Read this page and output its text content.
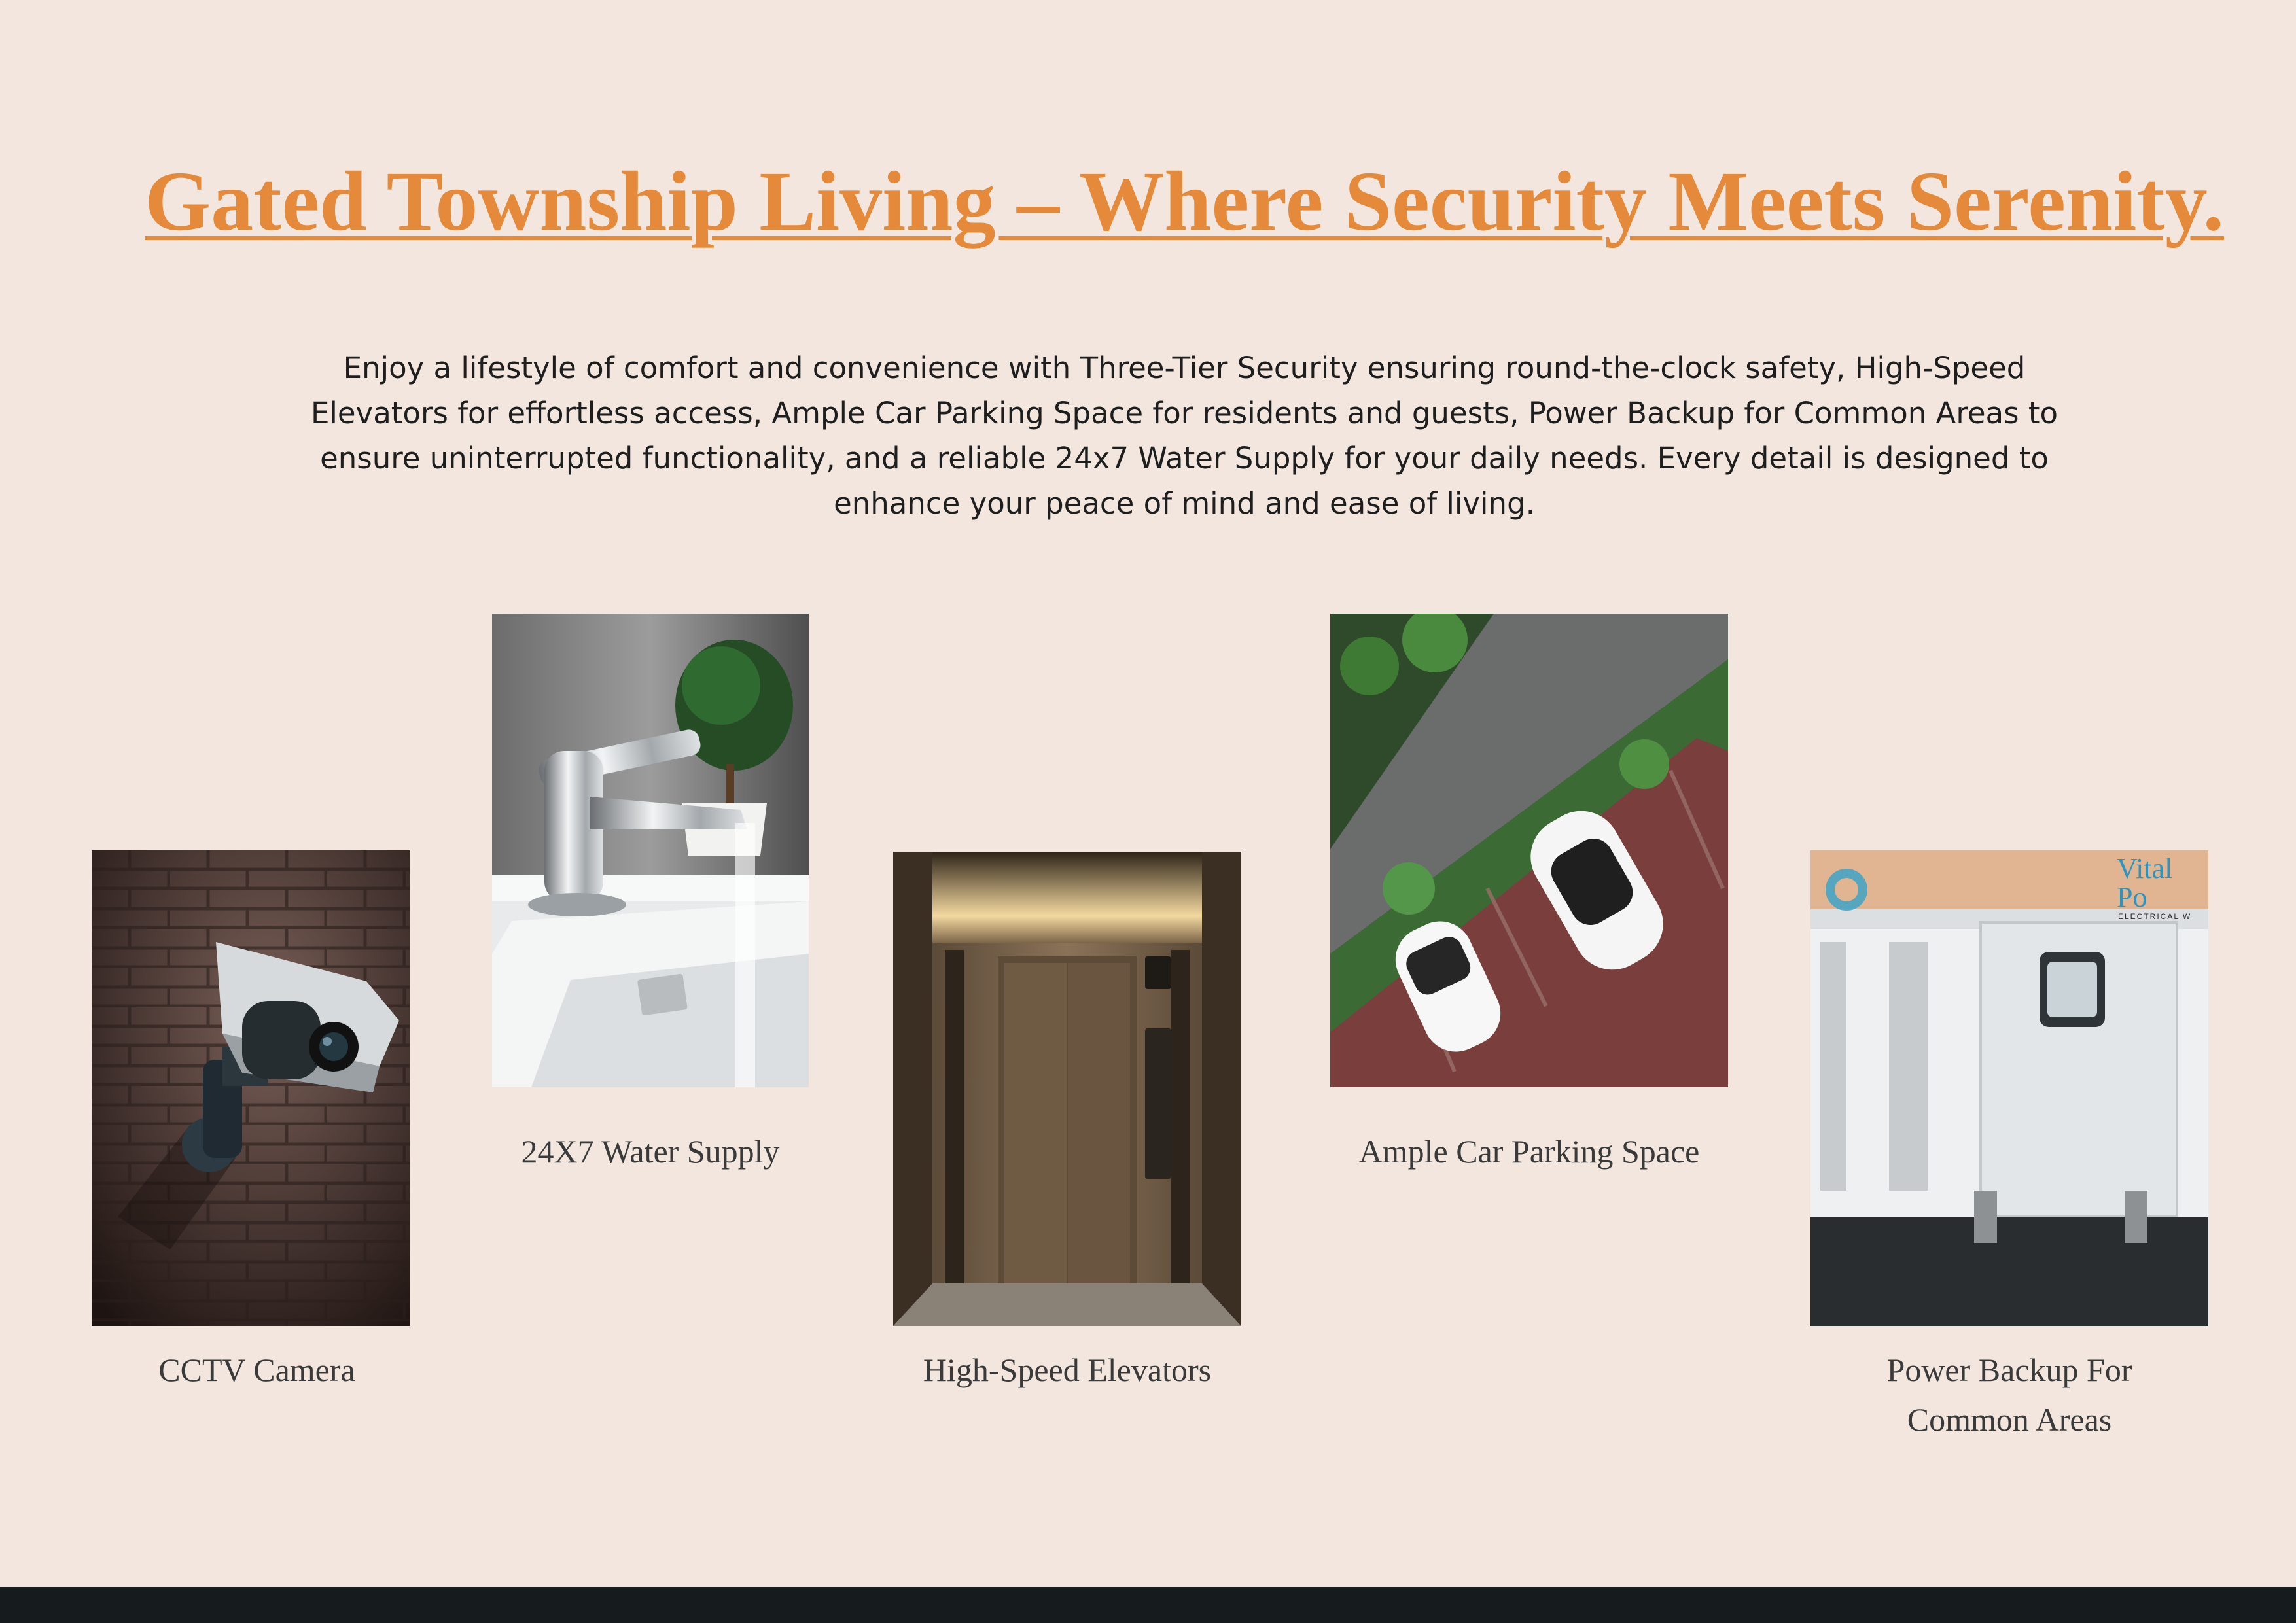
Gated Township Living – Where Security Meets Serenity.

Enjoy a lifestyle of comfort and convenience with Three-Tier Security ensuring round-the-clock safety, High-Speed Elevators for effortless access, Ample Car Parking Space for residents and guests, Power Backup for Common Areas to ensure uninterrupted functionality, and a reliable 24x7 Water Supply for your daily needs. Every detail is designed to enhance your peace of mind and ease of living.

CCTV Camera

24X7 Water Supply

High-Speed Elevators

Ample Car Parking Space

Vital Po
ELECTRICAL W

Power Backup For
Common Areas
